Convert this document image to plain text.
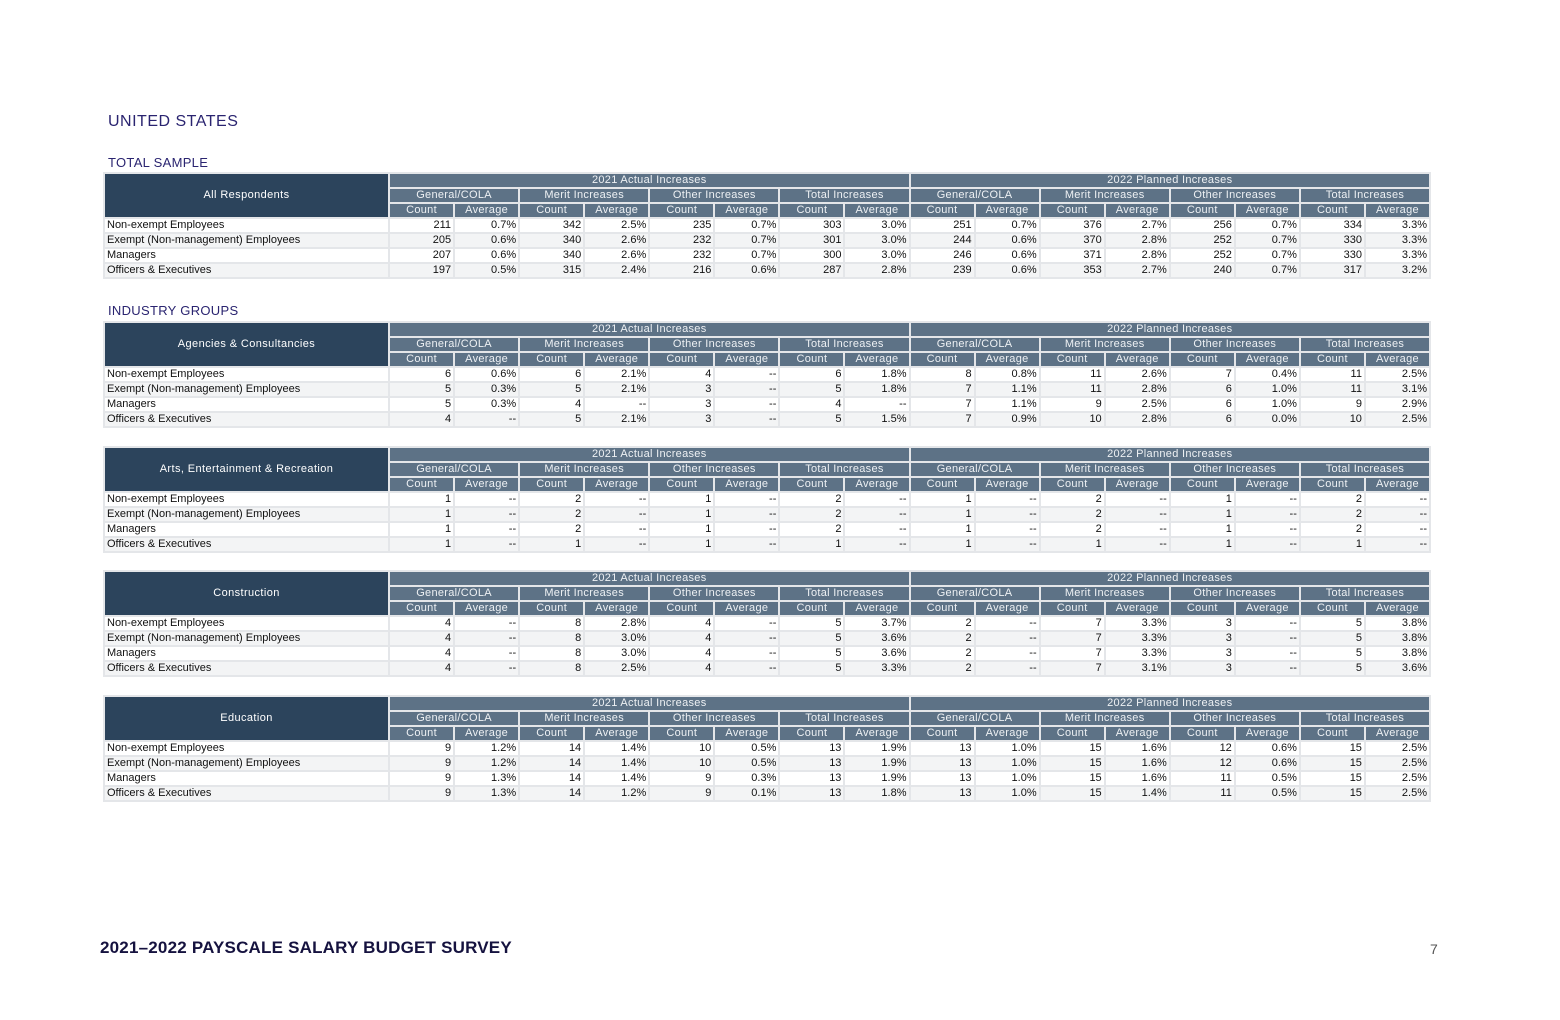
UNITED STATES
TOTAL SAMPLE
INDUSTRY GROUPS
All Respondents	2021 Actual Increases								2022 Planned Increases							
	General/COLA		Merit Increases		Other Increases		Total Increases		General/COLA		Merit Increases		Other Increases		Total Increases	
	Count	Average	Count	Average	Count	Average	Count	Average	Count	Average	Count	Average	Count	Average	Count	Average
Non-exempt Employees	211	0.7%	342	2.5%	235	0.7%	303	3.0%	251	0.7%	376	2.7%	256	0.7%	334	3.3%
Exempt (Non-management) Employees	205	0.6%	340	2.6%	232	0.7%	301	3.0%	244	0.6%	370	2.8%	252	0.7%	330	3.3%
Managers	207	0.6%	340	2.6%	232	0.7%	300	3.0%	246	0.6%	371	2.8%	252	0.7%	330	3.3%
Officers & Executives	197	0.5%	315	2.4%	216	0.6%	287	2.8%	239	0.6%	353	2.7%	240	0.7%	317	3.2%
Agencies & Consultancies	2021 Actual Increases								2022 Planned Increases							
	General/COLA		Merit Increases		Other Increases		Total Increases		General/COLA		Merit Increases		Other Increases		Total Increases	
	Count	Average	Count	Average	Count	Average	Count	Average	Count	Average	Count	Average	Count	Average	Count	Average
Non-exempt Employees	6	0.6%	6	2.1%	4	--	6	1.8%	8	0.8%	11	2.6%	7	0.4%	11	2.5%
Exempt (Non-management) Employees	5	0.3%	5	2.1%	3	--	5	1.8%	7	1.1%	11	2.8%	6	1.0%	11	3.1%
Managers	5	0.3%	4	--	3	--	4	--	7	1.1%	9	2.5%	6	1.0%	9	2.9%
Officers & Executives	4	--	5	2.1%	3	--	5	1.5%	7	0.9%	10	2.8%	6	0.0%	10	2.5%
Arts, Entertainment & Recreation	2021 Actual Increases								2022 Planned Increases							
	General/COLA		Merit Increases		Other Increases		Total Increases		General/COLA		Merit Increases		Other Increases		Total Increases	
	Count	Average	Count	Average	Count	Average	Count	Average	Count	Average	Count	Average	Count	Average	Count	Average
Non-exempt Employees	1	--	2	--	1	--	2	--	1	--	2	--	1	--	2	--
Exempt (Non-management) Employees	1	--	2	--	1	--	2	--	1	--	2	--	1	--	2	--
Managers	1	--	2	--	1	--	2	--	1	--	2	--	1	--	2	--
Officers & Executives	1	--	1	--	1	--	1	--	1	--	1	--	1	--	1	--
Construction	2021 Actual Increases								2022 Planned Increases							
	General/COLA		Merit Increases		Other Increases		Total Increases		General/COLA		Merit Increases		Other Increases		Total Increases	
	Count	Average	Count	Average	Count	Average	Count	Average	Count	Average	Count	Average	Count	Average	Count	Average
Non-exempt Employees	4	--	8	2.8%	4	--	5	3.7%	2	--	7	3.3%	3	--	5	3.8%
Exempt (Non-management) Employees	4	--	8	3.0%	4	--	5	3.6%	2	--	7	3.3%	3	--	5	3.8%
Managers	4	--	8	3.0%	4	--	5	3.6%	2	--	7	3.3%	3	--	5	3.8%
Officers & Executives	4	--	8	2.5%	4	--	5	3.3%	2	--	7	3.1%	3	--	5	3.6%
Education	2021 Actual Increases								2022 Planned Increases							
	General/COLA		Merit Increases		Other Increases		Total Increases		General/COLA		Merit Increases		Other Increases		Total Increases	
	Count	Average	Count	Average	Count	Average	Count	Average	Count	Average	Count	Average	Count	Average	Count	Average
Non-exempt Employees	9	1.2%	14	1.4%	10	0.5%	13	1.9%	13	1.0%	15	1.6%	12	0.6%	15	2.5%
Exempt (Non-management) Employees	9	1.2%	14	1.4%	10	0.5%	13	1.9%	13	1.0%	15	1.6%	12	0.6%	15	2.5%
Managers	9	1.3%	14	1.4%	9	0.3%	13	1.9%	13	1.0%	15	1.6%	11	0.5%	15	2.5%
Officers & Executives	9	1.3%	14	1.2%	9	0.1%	13	1.8%	13	1.0%	15	1.4%	11	0.5%	15	2.5%
2021–2022 PAYSCALE SALARY BUDGET SURVEY	7
